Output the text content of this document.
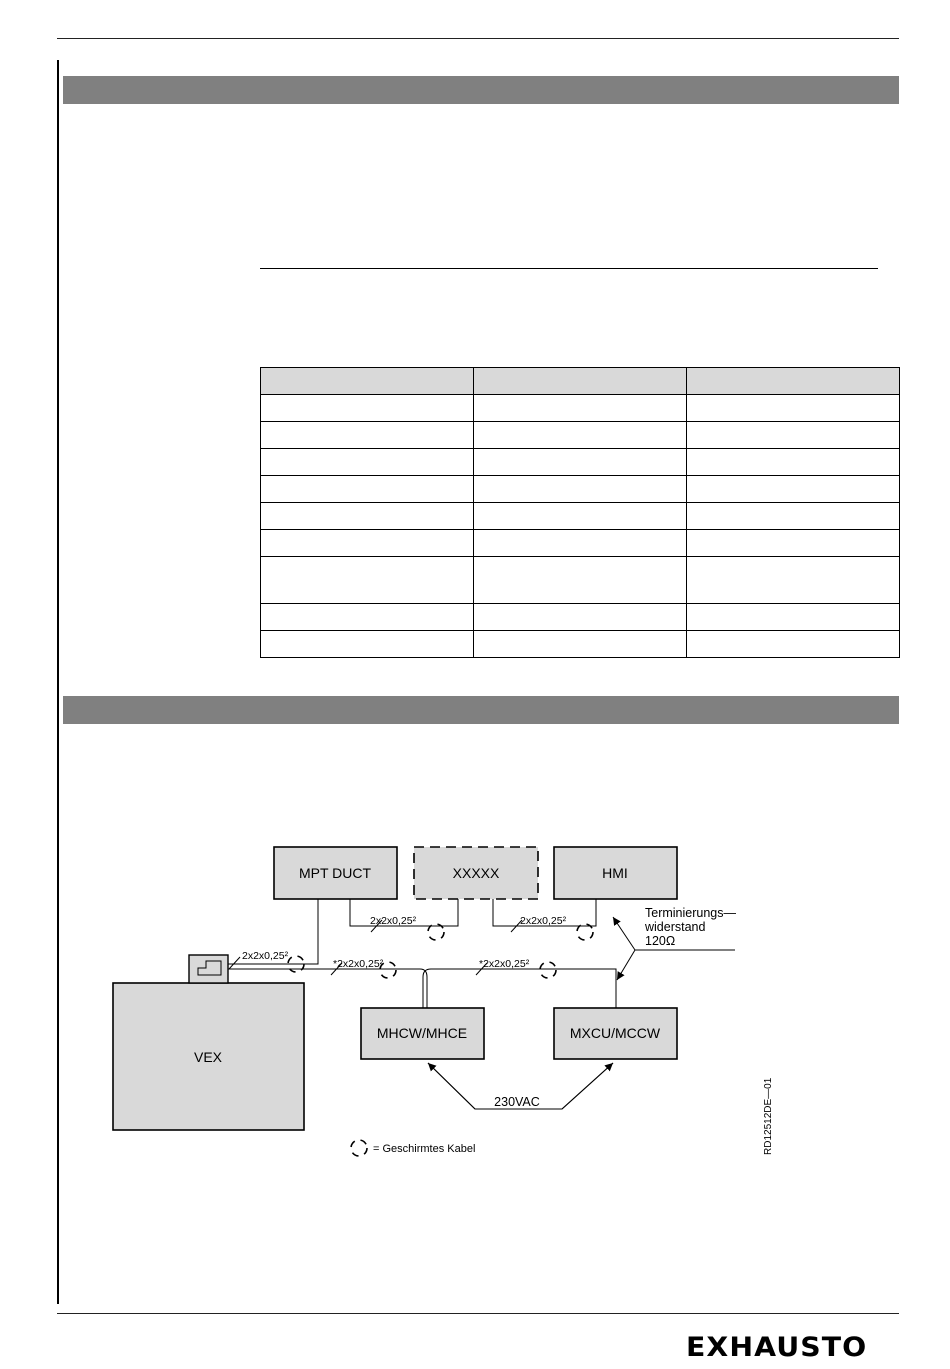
MPT DUCT	XXXXX	HMI
VEX
MHCW/MHCE	MXCU/MCCW
2x2x0,25²	2x2x0,25²
2x2x0,25²
*2x2x0,25²	*2x2x0,25²
Terminierungs—
widerstand
120Ω
230VAC
= Geschirmtes Kabel	RD12512DE—01
EXHAUSTO
